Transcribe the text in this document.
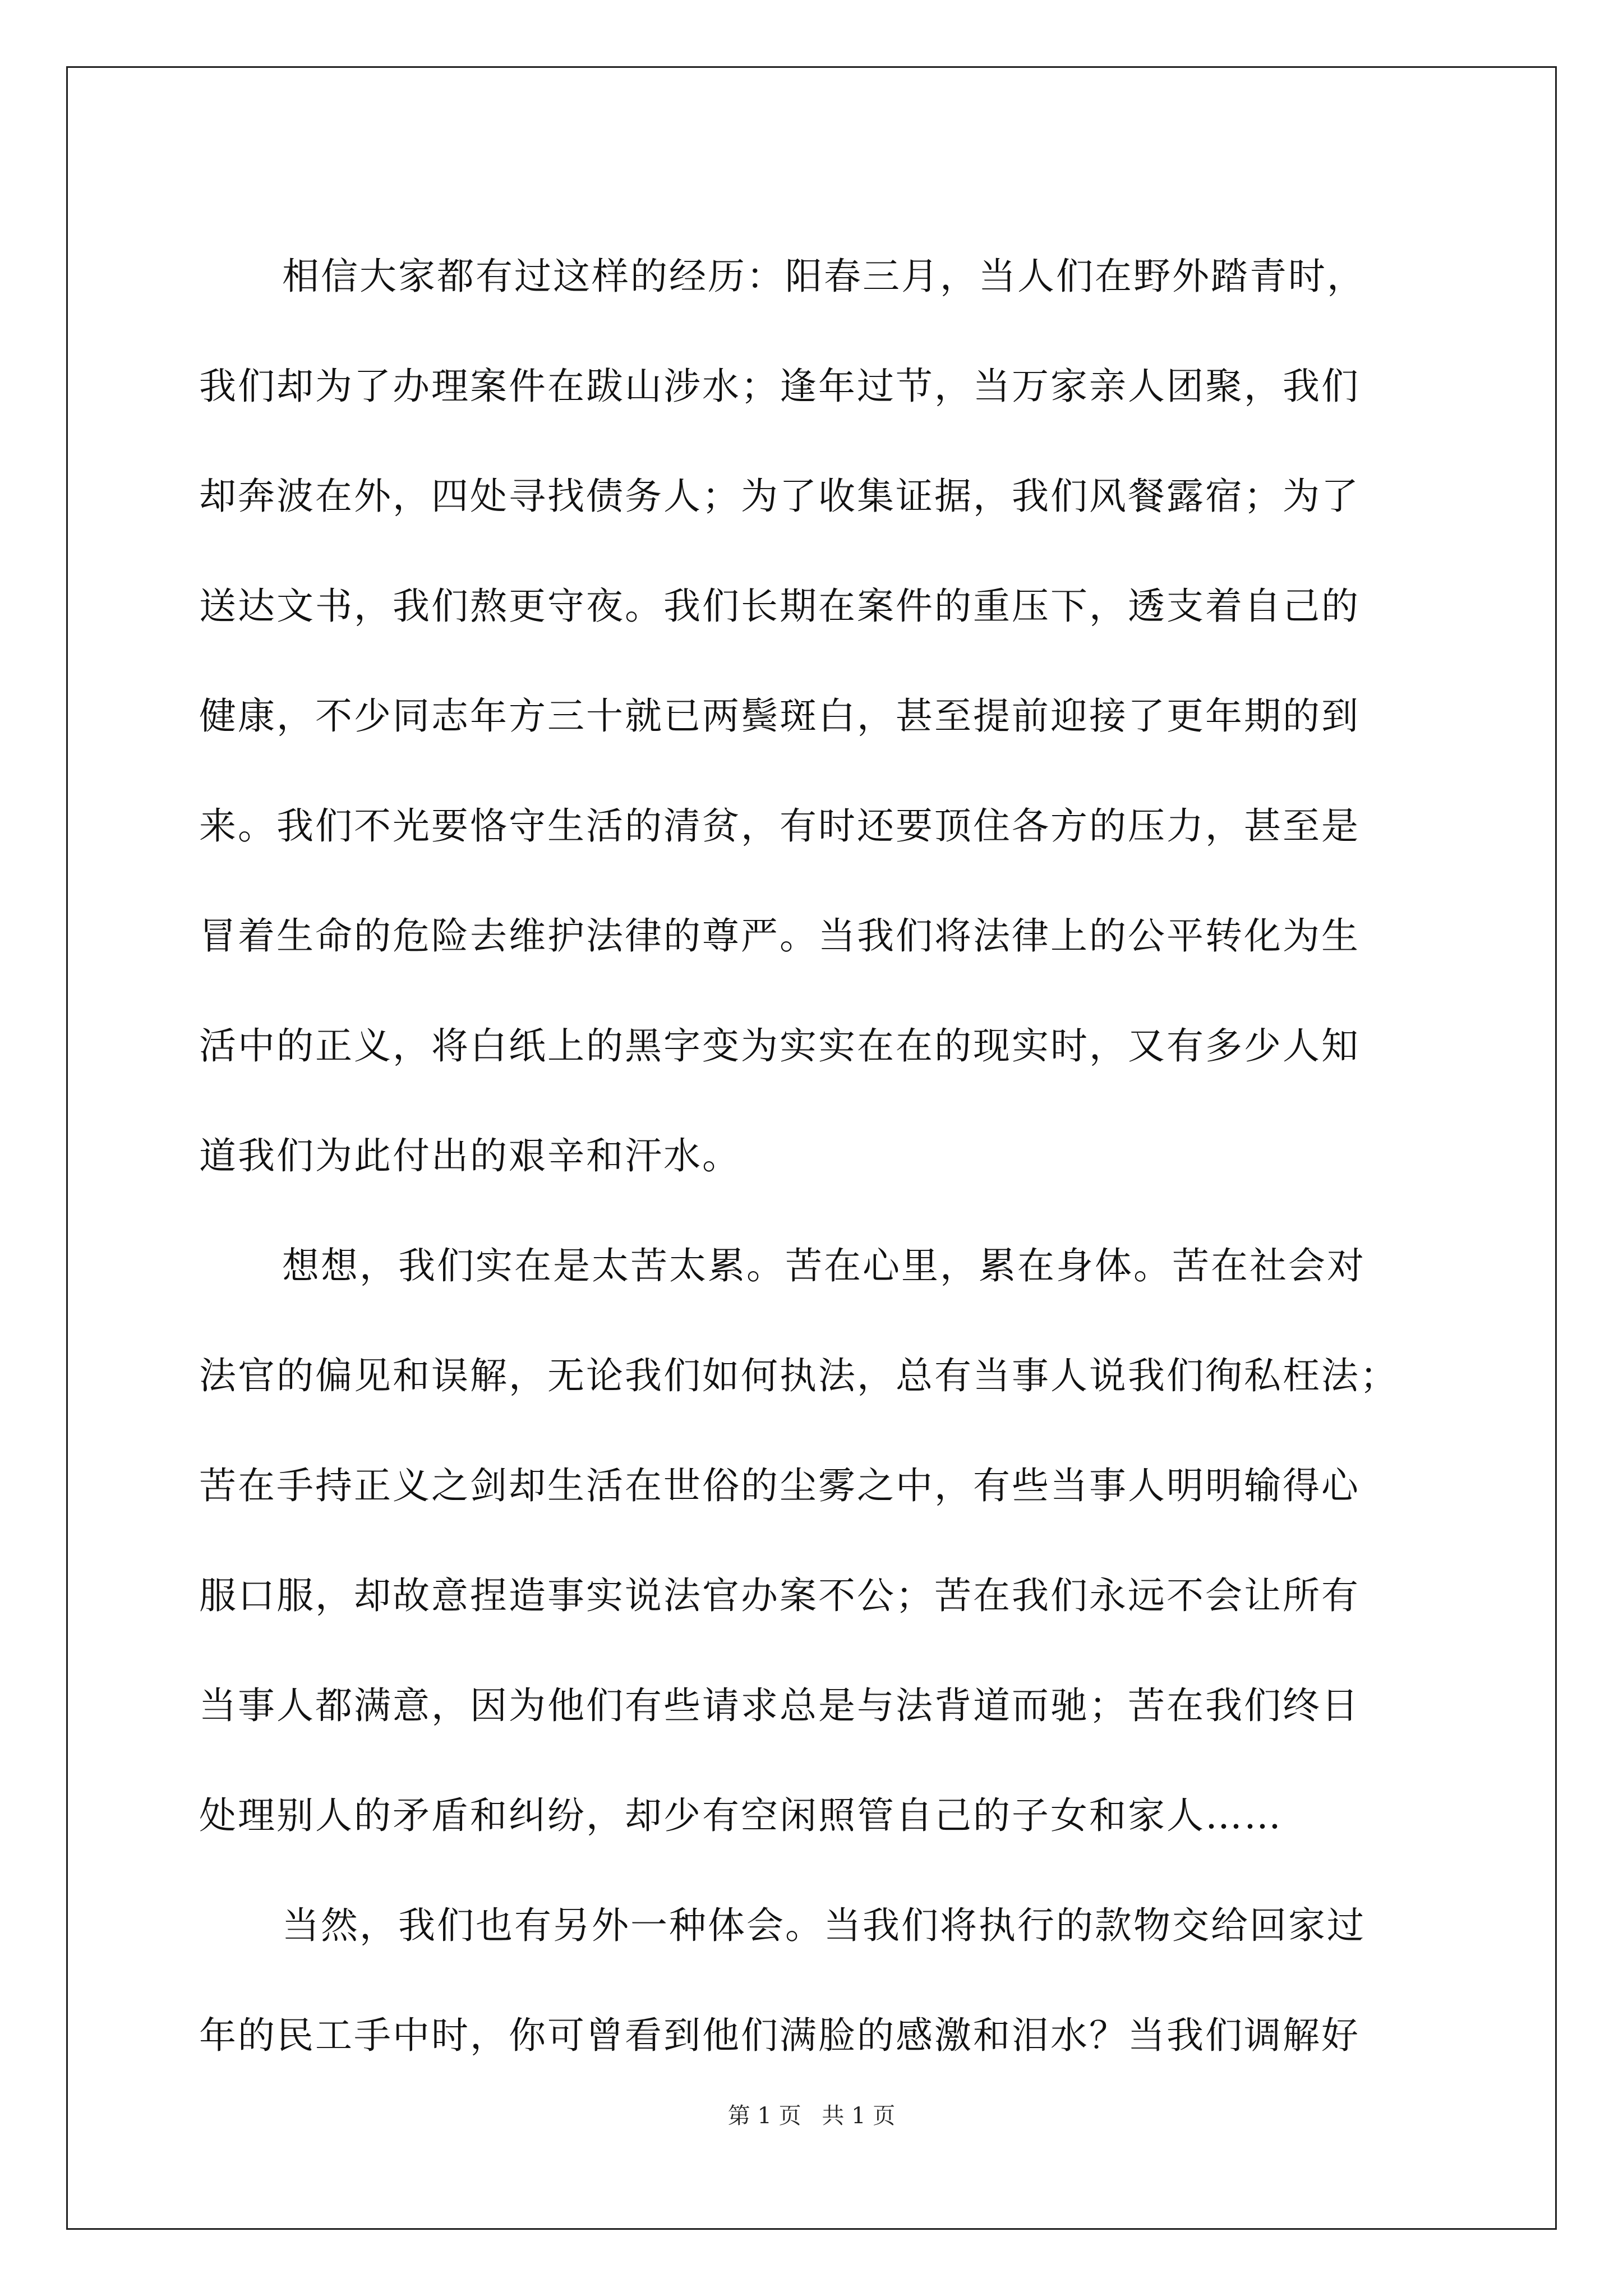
相信大家都有过这样的经历：阳春三月，当人们在野外踏青时，
我们却为了办理案件在跋山涉水；逢年过节，当万家亲人团聚，我们
却奔波在外，四处寻找债务人；为了收集证据，我们风餐露宿；为了
送达文书，我们熬更守夜。我们长期在案件的重压下，透支着自己的
健康，不少同志年方三十就已两鬓斑白，甚至提前迎接了更年期的到
来。我们不光要恪守生活的清贫，有时还要顶住各方的压力，甚至是
冒着生命的危险去维护法律的尊严。当我们将法律上的公平转化为生
活中的正义，将白纸上的黑字变为实实在在的现实时，又有多少人知
道我们为此付出的艰辛和汗水。

想想，我们实在是太苦太累。苦在心里，累在身体。苦在社会对
法官的偏见和误解，无论我们如何执法，总有当事人说我们徇私枉法；
苦在手持正义之剑却生活在世俗的尘雾之中，有些当事人明明输得心
服口服，却故意捏造事实说法官办案不公；苦在我们永远不会让所有
当事人都满意，因为他们有些请求总是与法背道而驰；苦在我们终日
处理别人的矛盾和纠纷，却少有空闲照管自己的子女和家人……

当然，我们也有另外一种体会。当我们将执行的款物交给回家过
年的民工手中时，你可曾看到他们满脸的感激和泪水？当我们调解好

第 1 页 共 1 页
